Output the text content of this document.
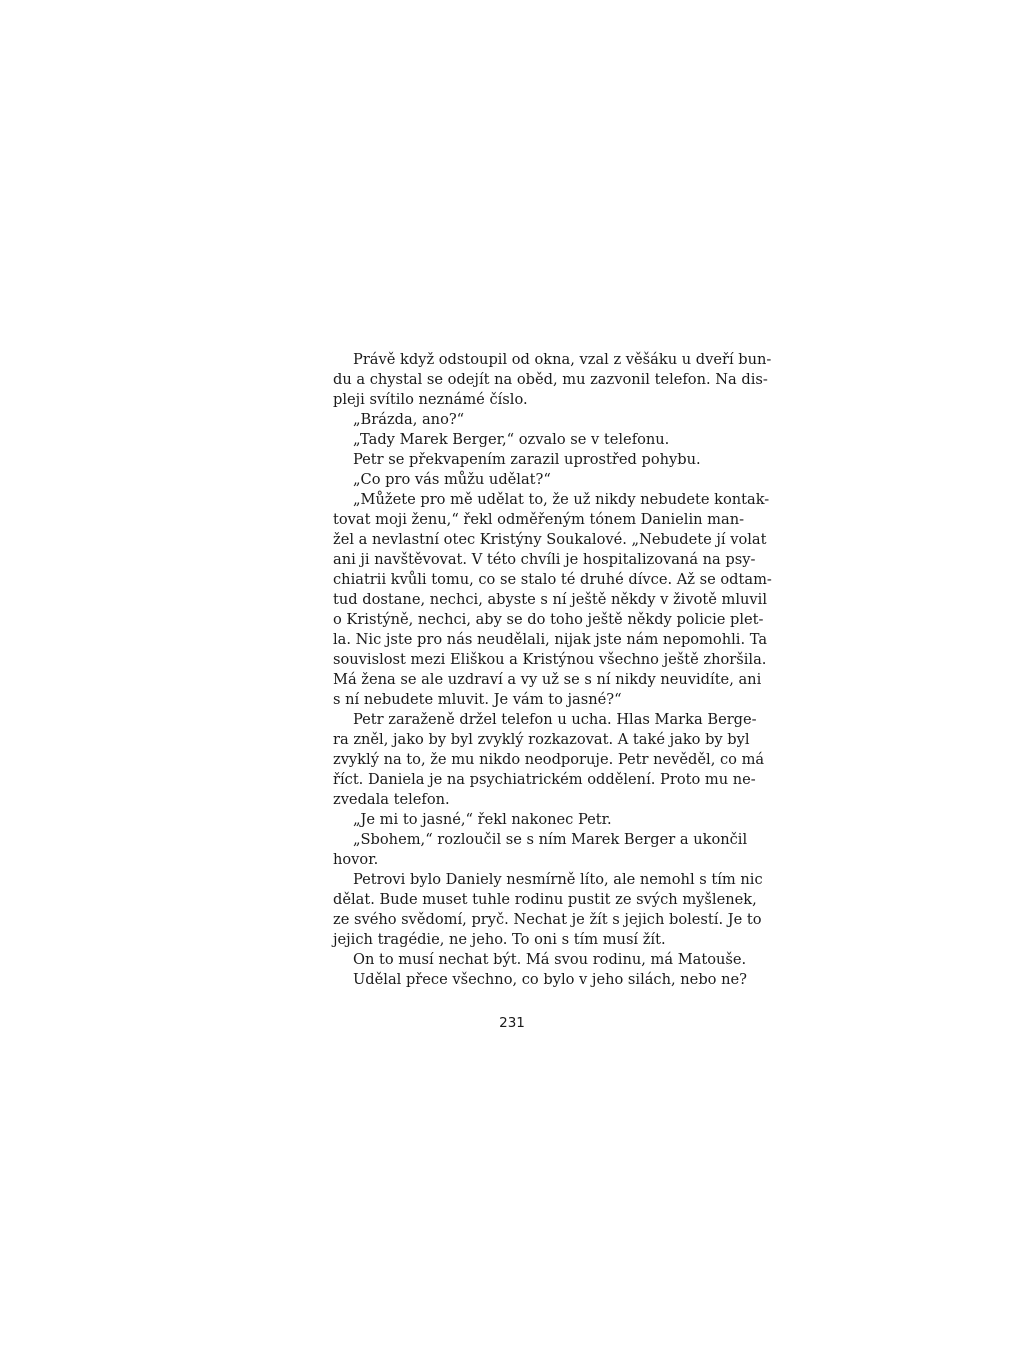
Právě když odstoupil od okna, vzal z věšáku u dveří bun-
du a chystal se odejít na oběd, mu zazvonil telefon. Na dis-
pleji svítilo neznámé číslo.
„Brázda, ano?“
„Tady Marek Berger,“ ozvalo se v telefonu.
Petr se překvapením zarazil uprostřed pohybu.
„Co pro vás můžu udělat?“
„Můžete pro mě udělat to, že už nikdy nebudete kontak-
tovat moji ženu,“ řekl odměřeným tónem Danielin man-
žel a nevlastní otec Kristýny Soukalové. „Nebudete jí volat
ani ji navštěvovat. V této chvíli je hospitalizovaná na psy-
chiatrii kvůli tomu, co se stalo té druhé dívce. Až se odtam-
tud dostane, nechci, abyste s ní ještě někdy v životě mluvil
o Kristýně, nechci, aby se do toho ještě někdy policie plet-
la. Nic jste pro nás neudělali, nijak jste nám nepomohli. Ta
souvislost mezi Eliškou a Kristýnou všechno ještě zhoršila.
Má žena se ale uzdraví a vy už se s ní nikdy neuvidíte, ani
s ní nebudete mluvit. Je vám to jasné?“
Petr zaraženě držel telefon u ucha. Hlas Marka Berge-
ra zněl, jako by byl zvyklý rozkazovat. A také jako by byl
zvyklý na to, že mu nikdo neodporuje. Petr nevěděl, co má
říct. Daniela je na psychiatrickém oddělení. Proto mu ne-
zvedala telefon.
„Je mi to jasné,“ řekl nakonec Petr.
„Sbohem,“ rozloučil se s ním Marek Berger a ukončil
hovor.
Petrovi bylo Daniely nesmírně líto, ale nemohl s tím nic
dělat. Bude muset tuhle rodinu pustit ze svých myšlenek,
ze svého svědomí, pryč. Nechat je žít s jejich bolestí. Je to
jejich tragédie, ne jeho. To oni s tím musí žít.
On to musí nechat být. Má svou rodinu, má Matouše.
Udělal přece všechno, co bylo v jeho silách, nebo ne?
231
